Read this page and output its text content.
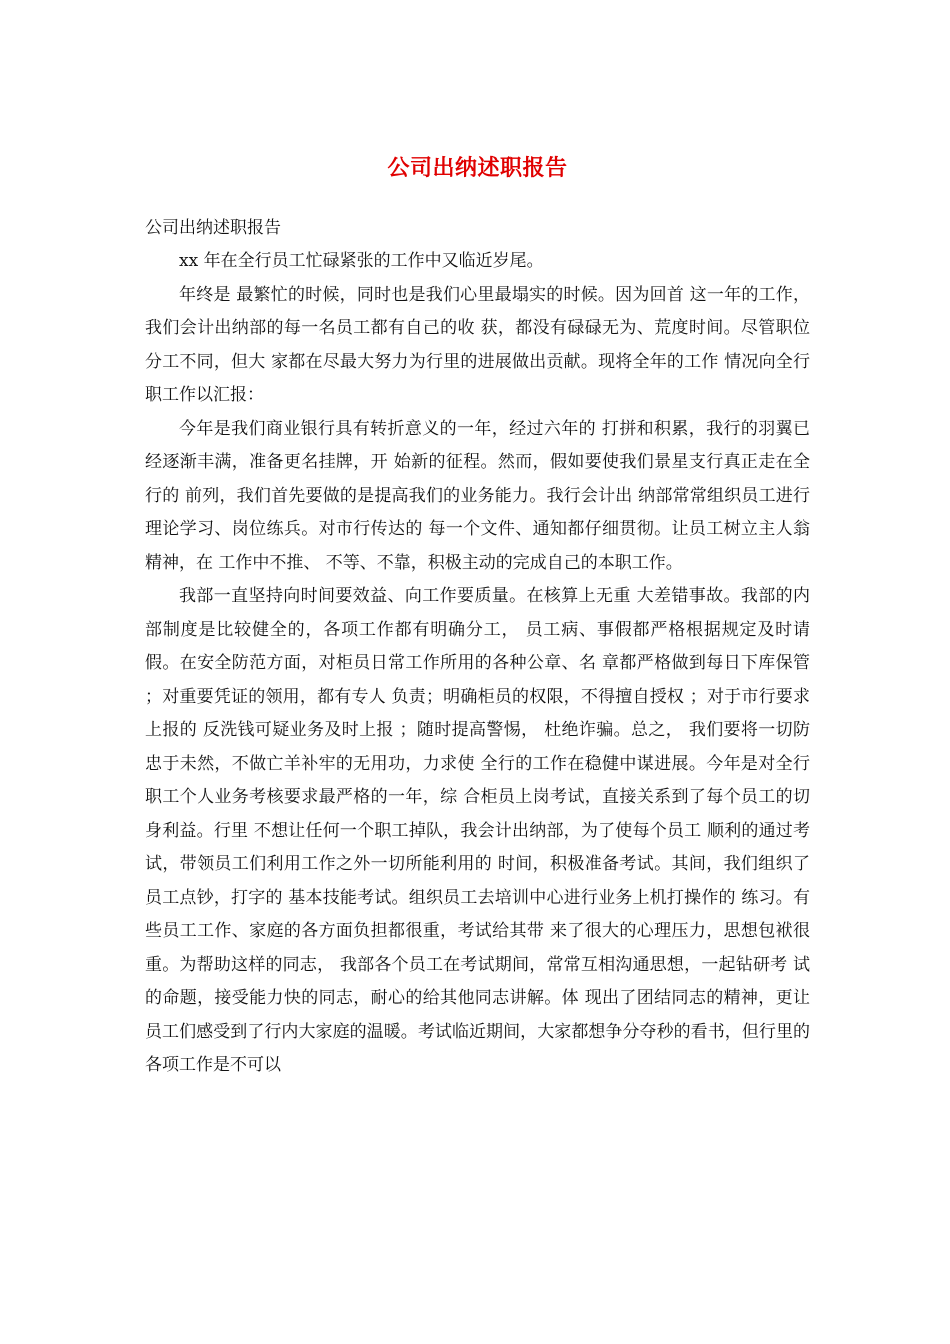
公司出纳述职报告

公司出纳述职报告

xx 年在全行员工忙碌紧张的工作中又临近岁尾。

年终是 最繁忙的时候，同时也是我们心里最塌实的时候。因为回首 这一年的工作，我们会计出纳部的每一名员工都有自己的收 获，都没有碌碌无为、荒度时间。尽管职位分工不同，但大 家都在尽最大努力为行里的进展做出贡献。现将全年的工作 情况向全行职工作以汇报：

今年是我们商业银行具有转折意义的一年，经过六年的 打拼和积累，我行的羽翼已经逐渐丰满，准备更名挂牌，开 始新的征程。然而，假如要使我们景星支行真正走在全行的 前列，我们首先要做的是提高我们的业务能力。我行会计出 纳部常常组织员工进行理论学习、岗位练兵。对市行传达的 每一个文件、通知都仔细贯彻。让员工树立主人翁精神，在 工作中不推、 不等、不靠，积极主动的完成自己的本职工作。

我部一直坚持向时间要效益、向工作要质量。在核算上无重 大差错事故。我部的内部制度是比较健全的，各项工作都有明确分工， 员工病、事假都严格根据规定及时请假。在安全防范方面，对柜员日常工作所用的各种公章、名 章都严格做到每日下库保管 ；对重要凭证的领用，都有专人 负责；明确柜员的权限，不得擅自授权 ；对于市行要求上报的 反洗钱可疑业务及时上报 ；随时提高警惕， 杜绝诈骗。总之， 我们要将一切防忠于未然，不做亡羊补牢的无用功，力求使 全行的工作在稳健中谋进展。今年是对全行职工个人业务考核要求最严格的一年，综 合柜员上岗考试，直接关系到了每个员工的切身利益。行里 不想让任何一个职工掉队，我会计出纳部，为了使每个员工 顺利的通过考试，带领员工们利用工作之外一切所能利用的 时间，积极准备考试。其间，我们组织了员工点钞，打字的 基本技能考试。组织员工去培训中心进行业务上机打操作的 练习。有些员工工作、家庭的各方面负担都很重，考试给其带 来了很大的心理压力，思想包袱很重。为帮助这样的同志， 我部各个员工在考试期间，常常互相沟通思想，一起钻研考 试的命题，接受能力快的同志，耐心的给其他同志讲解。体 现出了团结同志的精神，更让员工们感受到了行内大家庭的温暖。考试临近期间，大家都想争分夺秒的看书，但行里的 各项工作是不可以
